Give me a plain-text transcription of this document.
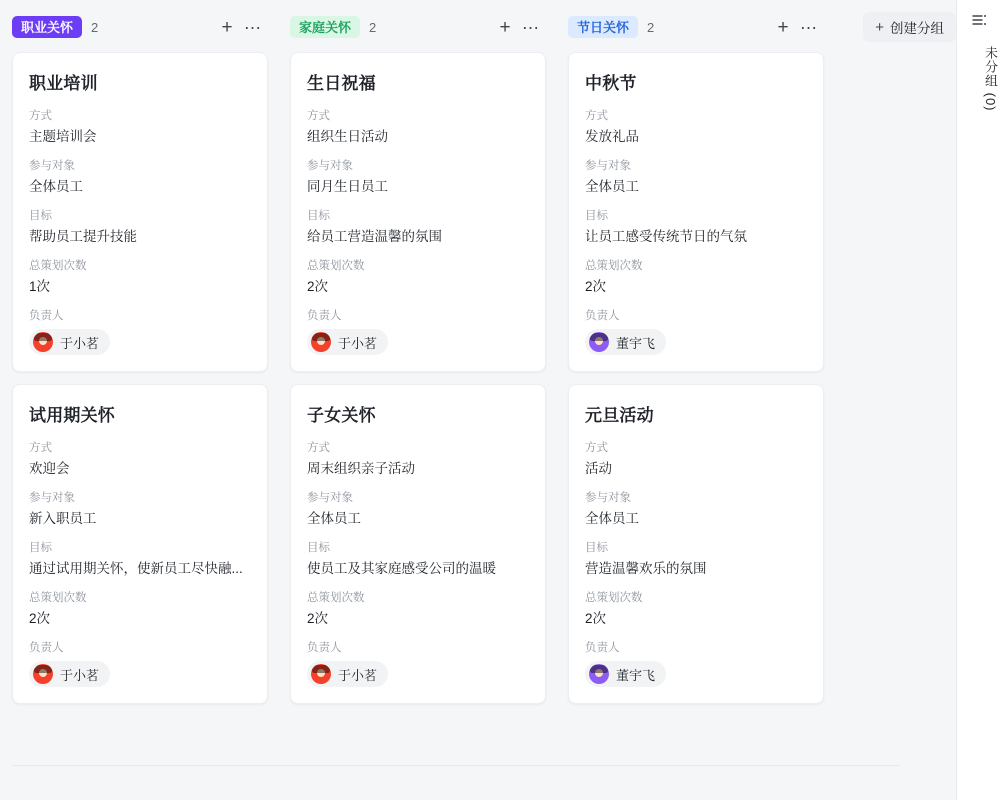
职业关怀	2	+ …
职业培训
方式
主题培训会
参与对象
全体员工
目标
帮助员工提升技能
总策划次数
1次
负责人
于小茗
试用期关怀
方式
欢迎会
参与对象
新入职员工
目标
通过试用期关怀，使新员工尽快融...
总策划次数
2次
负责人
于小茗
家庭关怀	2	+ …
生日祝福
方式
组织生日活动
参与对象
同月生日员工
目标
给员工营造温馨的氛围
总策划次数
2次
负责人
于小茗
子女关怀
方式
周末组织亲子活动
参与对象
全体员工
目标
使员工及其家庭感受公司的温暖
总策划次数
2次
负责人
于小茗
节日关怀	2	+ …
中秋节
方式
发放礼品
参与对象
全体员工
目标
让员工感受传统节日的气氛
总策划次数
2次
负责人
董宇飞
元旦活动
方式
活动
参与对象
全体员工
目标
营造温馨欢乐的氛围
总策划次数
2次
负责人
董宇飞
+ 创建分组
未分组 (0)
